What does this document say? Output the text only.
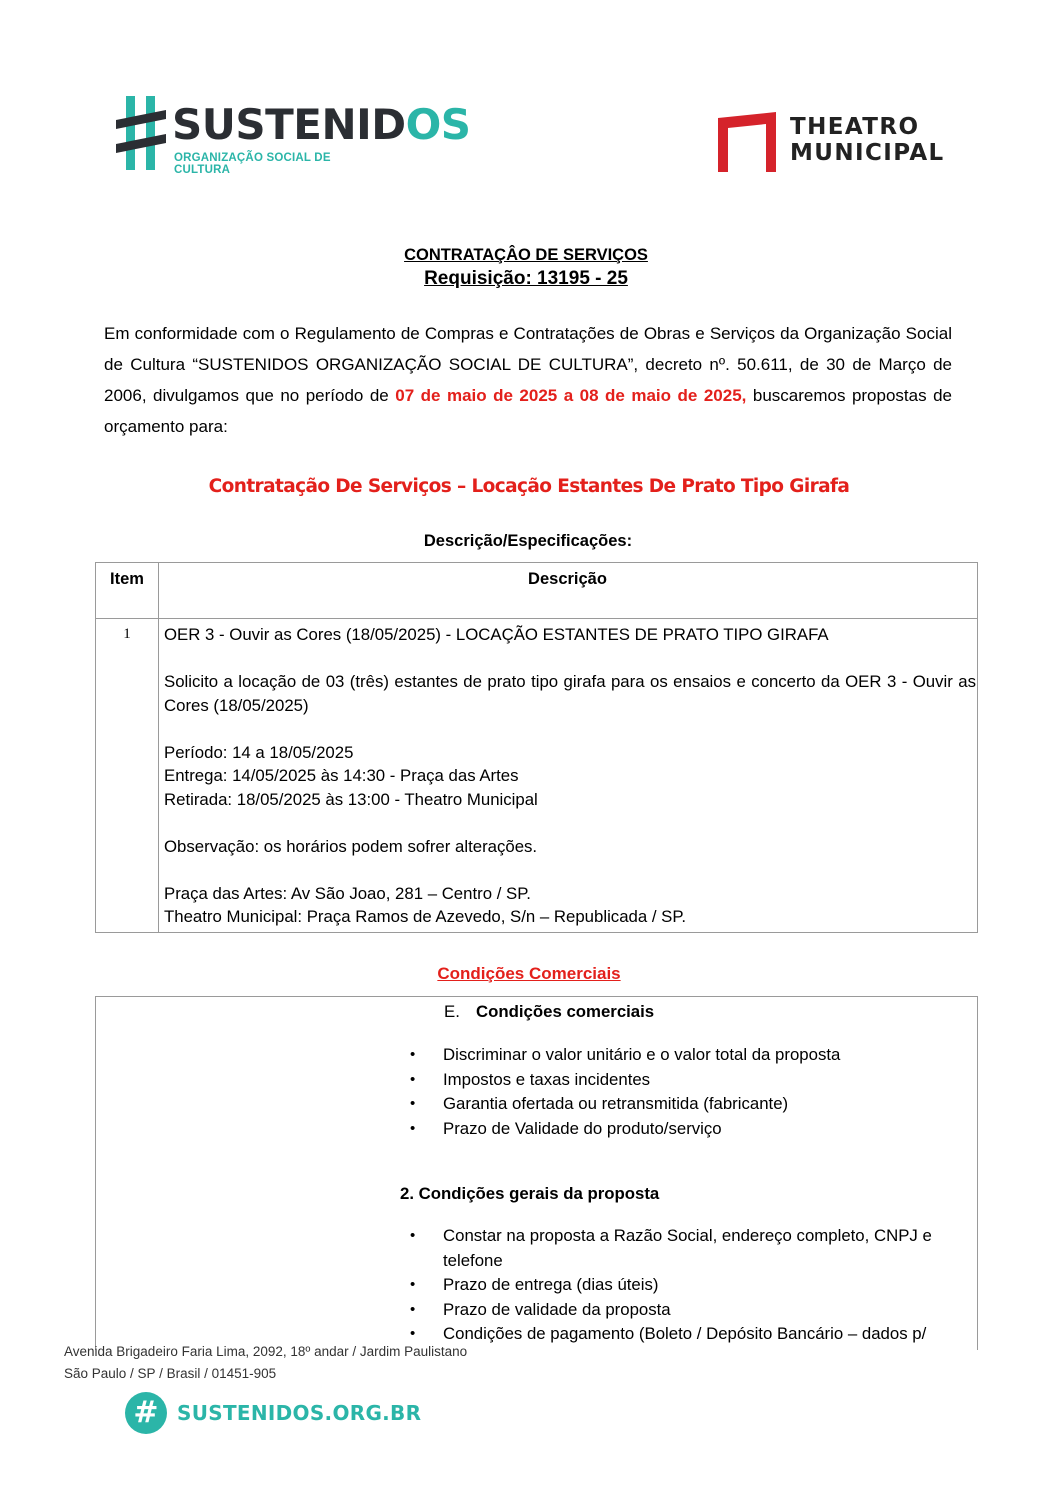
SUSTENIDOS
ORGANIZAÇÃO SOCIAL DE CULTURA
THEATRO
MUNICIPAL
CONTRATAÇÂO DE SERVIÇOS
Requisição: 13195 - 25
Em conformidade com o Regulamento de Compras e Contratações de Obras e Serviços da Organização Social de Cultura “SUSTENIDOS ORGANIZAÇÃO SOCIAL DE CULTURA”, decreto nº. 50.611, de 30 de Março de 2006, divulgamos que no período de 07 de maio de 2025 a 08 de maio de 2025, buscaremos propostas de orçamento para:
Contratação De Serviços – Locação Estantes De Prato Tipo Girafa
Descrição/Especificações:
Item	Descrição
1	OER 3 - Ouvir as Cores (18/05/2025) - LOCAÇÃO ESTANTES DE PRATO TIPO GIRAFA

Solicito a locação de 03 (três) estantes de prato tipo girafa para os ensaios e concerto da OER 3 - Ouvir as Cores (18/05/2025)

Período: 14 a 18/05/2025

Entrega: 14/05/2025 às 14:30 - Praça das Artes

Retirada: 18/05/2025 às 13:00 - Theatro Municipal

Observação: os horários podem sofrer alterações.

Praça das Artes: Av São Joao, 281 – Centro / SP.

Theatro Municipal: Praça Ramos de Azevedo, S/n – Republicada / SP.

Condições Comerciais
E. Condições comerciais
• Discriminar o valor unitário e o valor total da proposta
• Impostos e taxas incidentes
• Garantia ofertada ou retransmitida (fabricante)
• Prazo de Validade do produto/serviço
2. Condições gerais da proposta
• Constar na proposta a Razão Social, endereço completo, CNPJ e telefone
• Prazo de entrega (dias úteis)
• Prazo de validade da proposta
• Condições de pagamento (Boleto / Depósito Bancário – dados p/
Avenida Brigadeiro Faria Lima, 2092, 18º andar / Jardim Paulistano
São Paulo / SP / Brasil / 01451-905
# SUSTENIDOS.ORG.BR
